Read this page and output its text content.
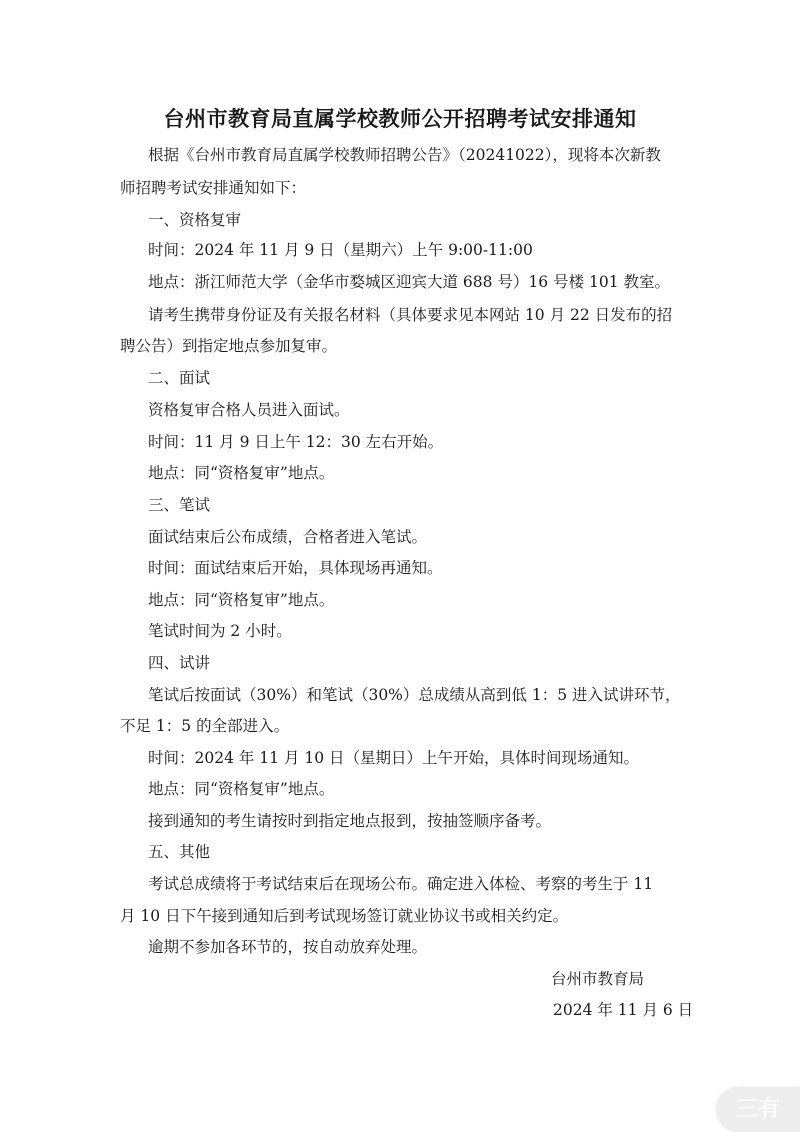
台州市教育局直属学校教师公开招聘考试安排通知
根据《台州市教育局直属学校教师招聘公告》（20241022），现将本次新教
师招聘考试安排通知如下：
一、资格复审
时间：2024 年 11 月 9 日（星期六）上午 9:00-11:00
地点：浙江师范大学（金华市婺城区迎宾大道 688 号）16 号楼 101 教室。
请考生携带身份证及有关报名材料（具体要求见本网站 10 月 22 日发布的招
聘公告）到指定地点参加复审。
二、面试
资格复审合格人员进入面试。
时间：11 月 9 日上午 12：30 左右开始。
地点：同“资格复审”地点。
三、笔试
面试结束后公布成绩，合格者进入笔试。
时间：面试结束后开始，具体现场再通知。
地点：同“资格复审”地点。
笔试时间为 2 小时。
四、试讲
笔试后按面试（30%）和笔试（30%）总成绩从高到低 1：5 进入试讲环节，
不足 1：5 的全部进入。
时间：2024 年 11 月 10 日（星期日）上午开始，具体时间现场通知。
地点：同“资格复审”地点。
接到通知的考生请按时到指定地点报到，按抽签顺序备考。
五、其他
考试总成绩将于考试结束后在现场公布。确定进入体检、考察的考生于 11
月 10 日下午接到通知后到考试现场签订就业协议书或相关约定。
逾期不参加各环节的，按自动放弃处理。
台州市教育局
2024 年 11 月 6 日
三有
